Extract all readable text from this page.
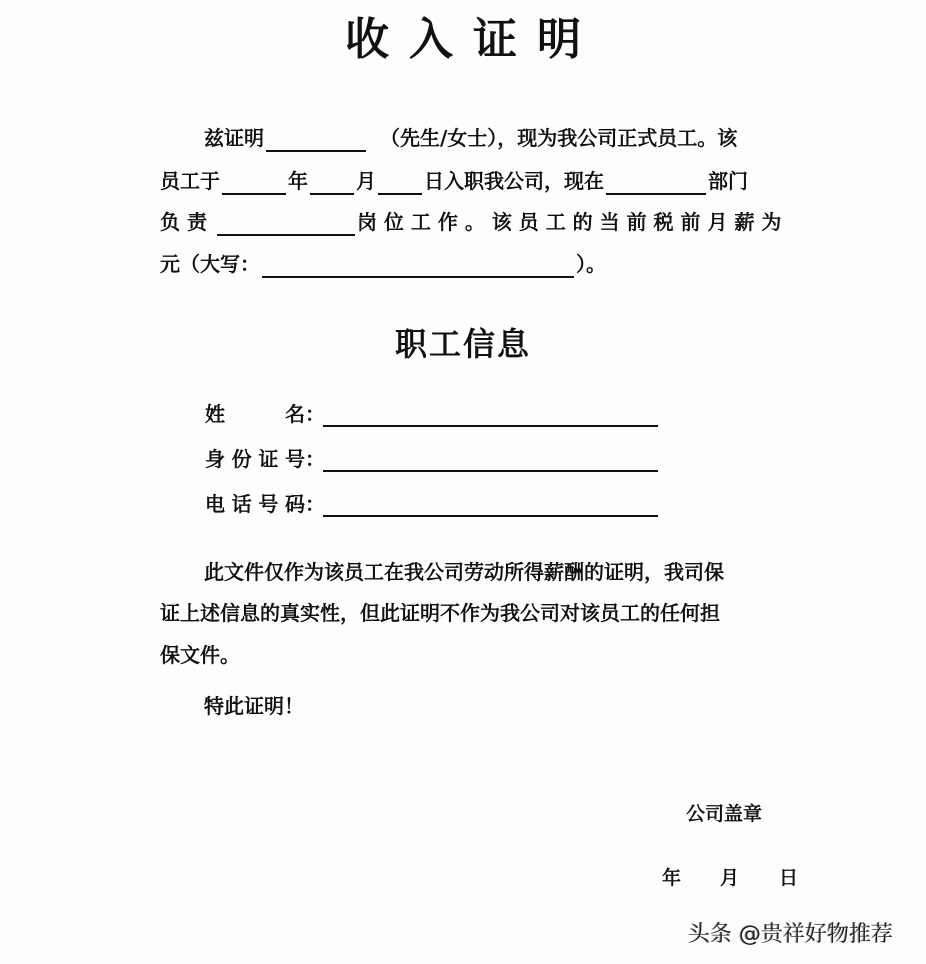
收入证明
兹证明	（先生/女士），现为我公司正式员工。该
员工于	年 月 日入职我公司，现在	部门
负 责	岗 位 工 作 。 该 员 工 的 当 前 税 前 月 薪 为
元（大写：	）。
职工信息
姓名 ：
身份证号 ：
电话号码 ：
此文件仅作为该员工在我公司劳动所得薪酬的证明，我司保
证上述信息的真实性，但此证明不作为我公司对该员工的任何担
保文件。
特此证明！
公司盖章
年 月 日
头条 @贵祥好物推荐
